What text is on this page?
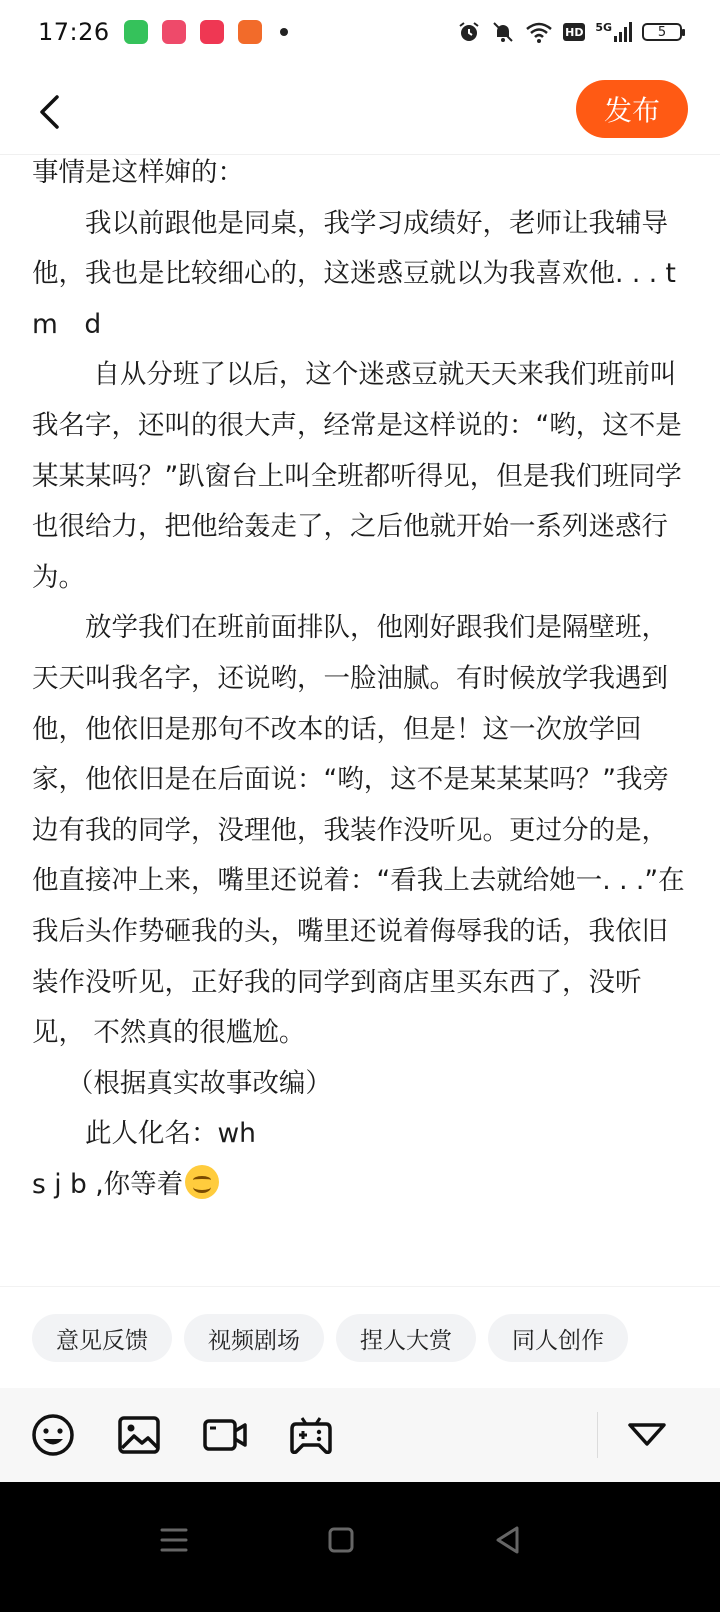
17:26	HD 5G	5
发布

事情是这样婶的：

　　我以前跟他是同桌，我学习成绩好，老师让我辅导他，我也是比较细心的，这迷惑豆就以为我喜欢他. . . t　m　d

　　 自从分班了以后，这个迷惑豆就天天来我们班前叫我名字，还叫的很大声，经常是这样说的：“哟，这不是某某某吗？”趴窗台上叫全班都听得见，但是我们班同学也很给力，把他给轰走了，之后他就开始一系列迷惑行为。

　　放学我们在班前面排队，他刚好跟我们是隔壁班，天天叫我名字，还说哟，一脸油腻。有时候放学我遇到他，他依旧是那句不改本的话，但是！这一次放学回家，他依旧是在后面说：“哟，这不是某某某吗？”我旁边有我的同学，没理他，我装作没听见。更过分的是，他直接冲上来，嘴里还说着：“看我上去就给她一. . .”在我后头作势砸我的头，嘴里还说着侮辱我的话，我依旧装作没听见，正好我的同学到商店里买东西了，没听见， 不然真的很尴尬。

　 （根据真实故事改编）

　　此人化名：wh

s j b ,你等着

意见反馈	视频剧场	捏人大赏	同人创作
